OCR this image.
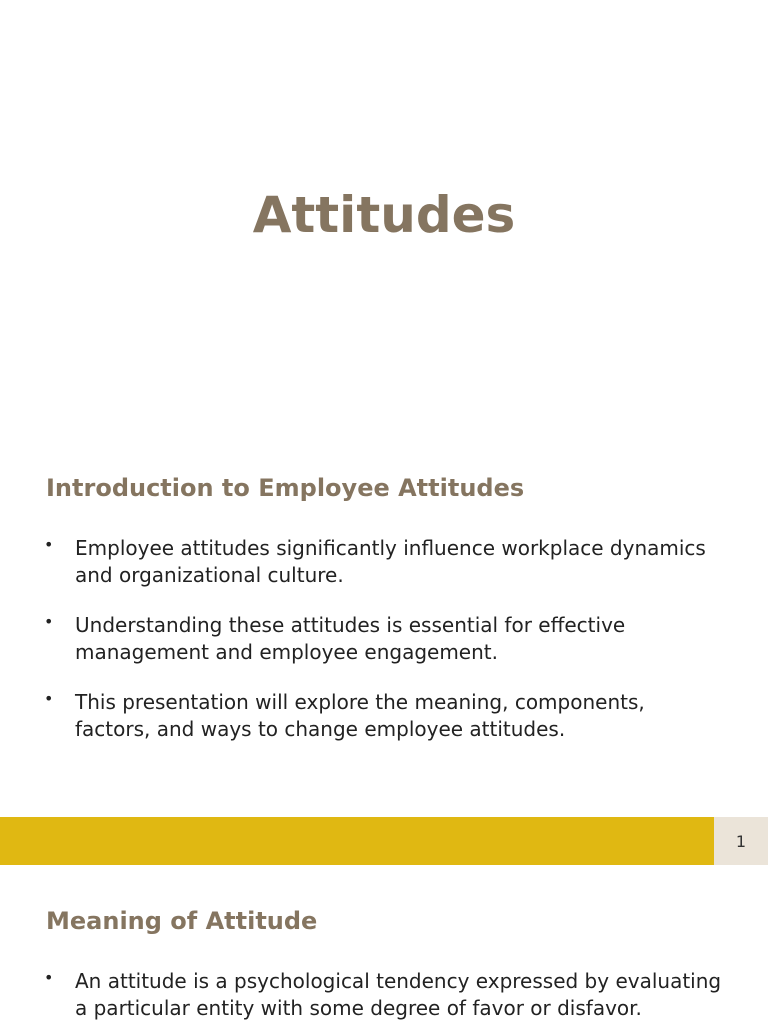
Attitudes
Introduction to Employee Attitudes
• Employee attitudes significantly influence workplace dynamics and organizational culture.
• Understanding these attitudes is essential for effective management and employee engagement.
• This presentation will explore the meaning, components, factors, and ways to change employee attitudes.
1
Meaning of Attitude
• An attitude is a psychological tendency expressed by evaluating a particular entity with some degree of favor or disfavor.
